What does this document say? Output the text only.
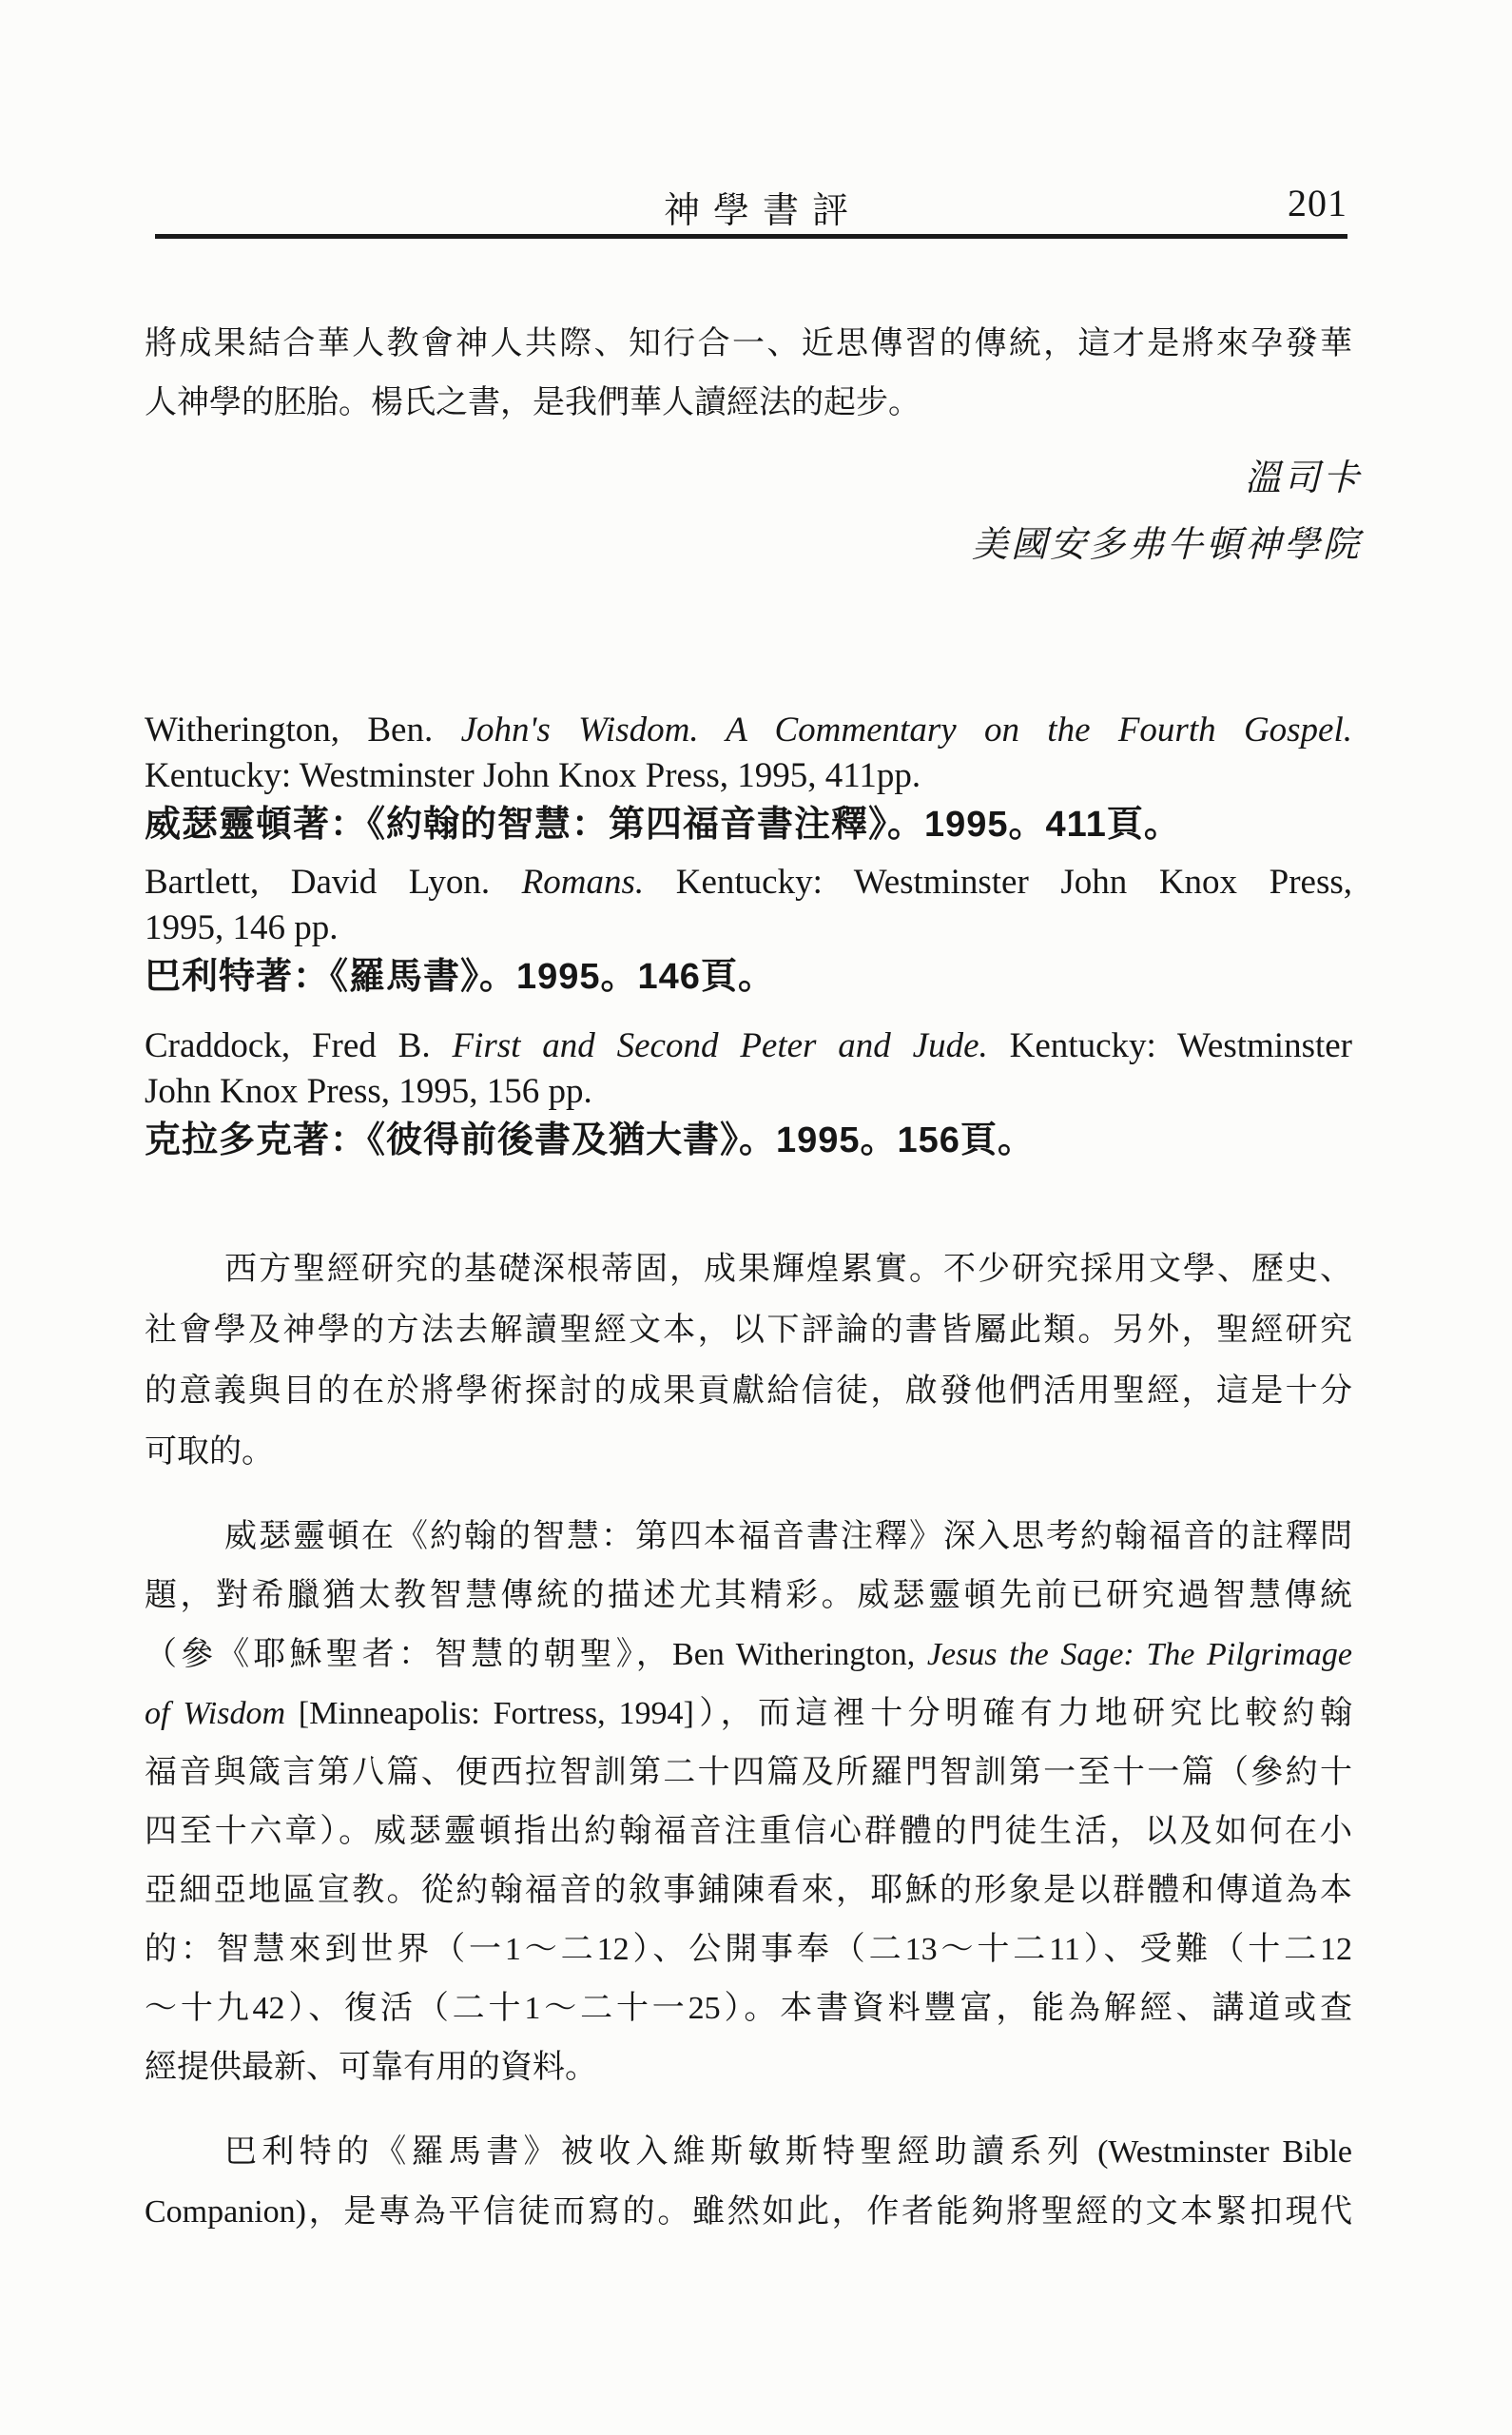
神學書評	201
將成果結合華人教會神人共際、知行合一、近思傳習的傳統，這才是將來孕發華
人神學的胚胎。楊氏之書，是我們華人讀經法的起步。
溫司卡
美國安多弗牛頓神學院
Witherington, Ben. John's Wisdom. A Commentary on the Fourth Gospel.
Kentucky: Westminster John Knox Press, 1995, 411pp.
威瑟靈頓著：《約翰的智慧：第四福音書注釋》。1995。411頁。
Bartlett, David Lyon. Romans. Kentucky: Westminster John Knox Press,
1995, 146 pp.
巴利特著：《羅馬書》。1995。146頁。
Craddock, Fred B. First and Second Peter and Jude. Kentucky: Westminster
John Knox Press, 1995, 156 pp.
克拉多克著：《彼得前後書及猶大書》。1995。156頁。
西方聖經研究的基礎深根蒂固，成果輝煌累實。不少研究採用文學、歷史、
社會學及神學的方法去解讀聖經文本，以下評論的書皆屬此類。另外，聖經研究
的意義與目的在於將學術探討的成果貢獻給信徒，啟發他們活用聖經，這是十分
可取的。
威瑟靈頓在《約翰的智慧：第四本福音書注釋》深入思考約翰福音的註釋問
題，對希臘猶太教智慧傳統的描述尤其精彩。威瑟靈頓先前已研究過智慧傳統
（參《耶穌聖者：智慧的朝聖》，Ben Witherington, Jesus the Sage: The Pilgrimage
of Wisdom [Minneapolis: Fortress, 1994]），而這裡十分明確有力地研究比較約翰
福音與箴言第八篇、便西拉智訓第二十四篇及所羅門智訓第一至十一篇（參約十
四至十六章）。威瑟靈頓指出約翰福音注重信心群體的門徒生活，以及如何在小
亞細亞地區宣教。從約翰福音的敘事鋪陳看來，耶穌的形象是以群體和傳道為本
的：智慧來到世界（一1～二12）、公開事奉（二13～十二11）、受難（十二12
～十九42）、復活（二十1～二十一25）。本書資料豐富，能為解經、講道或查
經提供最新、可靠有用的資料。
巴利特的《羅馬書》被收入維斯敏斯特聖經助讀系列 (Westminster Bible
Companion)，是專為平信徒而寫的。雖然如此，作者能夠將聖經的文本緊扣現代
